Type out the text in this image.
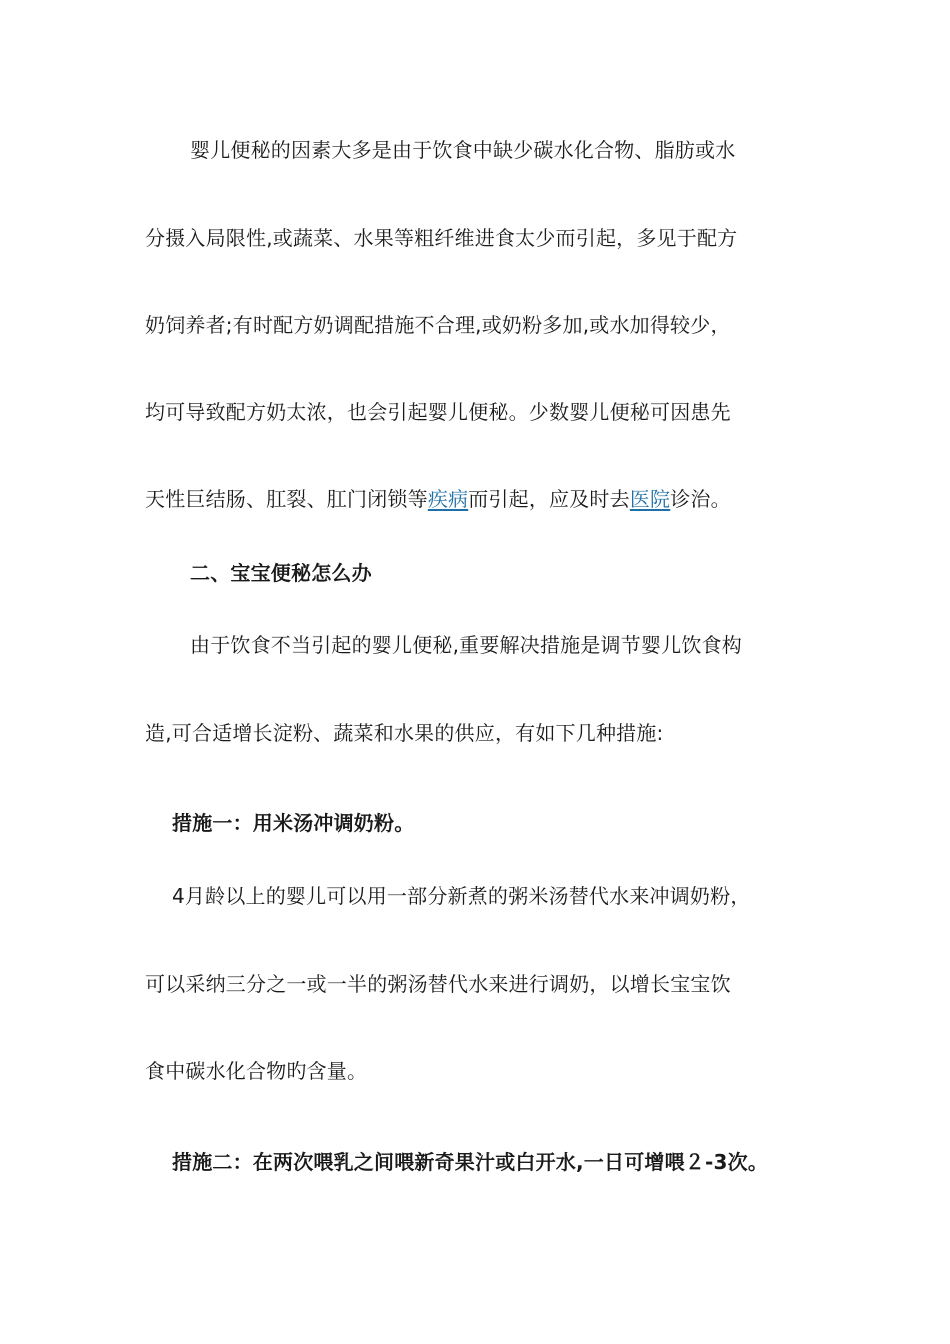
婴儿便秘的因素大多是由于饮食中缺少碳水化合物、脂肪或水
分摄入局限性,或蔬菜、水果等粗纤维进食太少而引起，多见于配方
奶饲养者;有时配方奶调配措施不合理,或奶粉多加,或水加得较少，
均可导致配方奶太浓，也会引起婴儿便秘。少数婴儿便秘可因患先
天性巨结肠、肛裂、肛门闭锁等疾病而引起，应及时去医院诊治。
二、宝宝便秘怎么办
由于饮食不当引起的婴儿便秘,重要解决措施是调节婴儿饮食构
造,可合适增长淀粉、蔬菜和水果的供应，有如下几种措施:
措施一：用米汤冲调奶粉。
4月龄以上的婴儿可以用一部分新煮的粥米汤替代水来冲调奶粉，
可以采纳三分之一或一半的粥汤替代水来进行调奶，以增长宝宝饮
食中碳水化合物旳含量。
措施二：在两次喂乳之间喂新奇果汁或白开水,一日可增喂２-3次。
